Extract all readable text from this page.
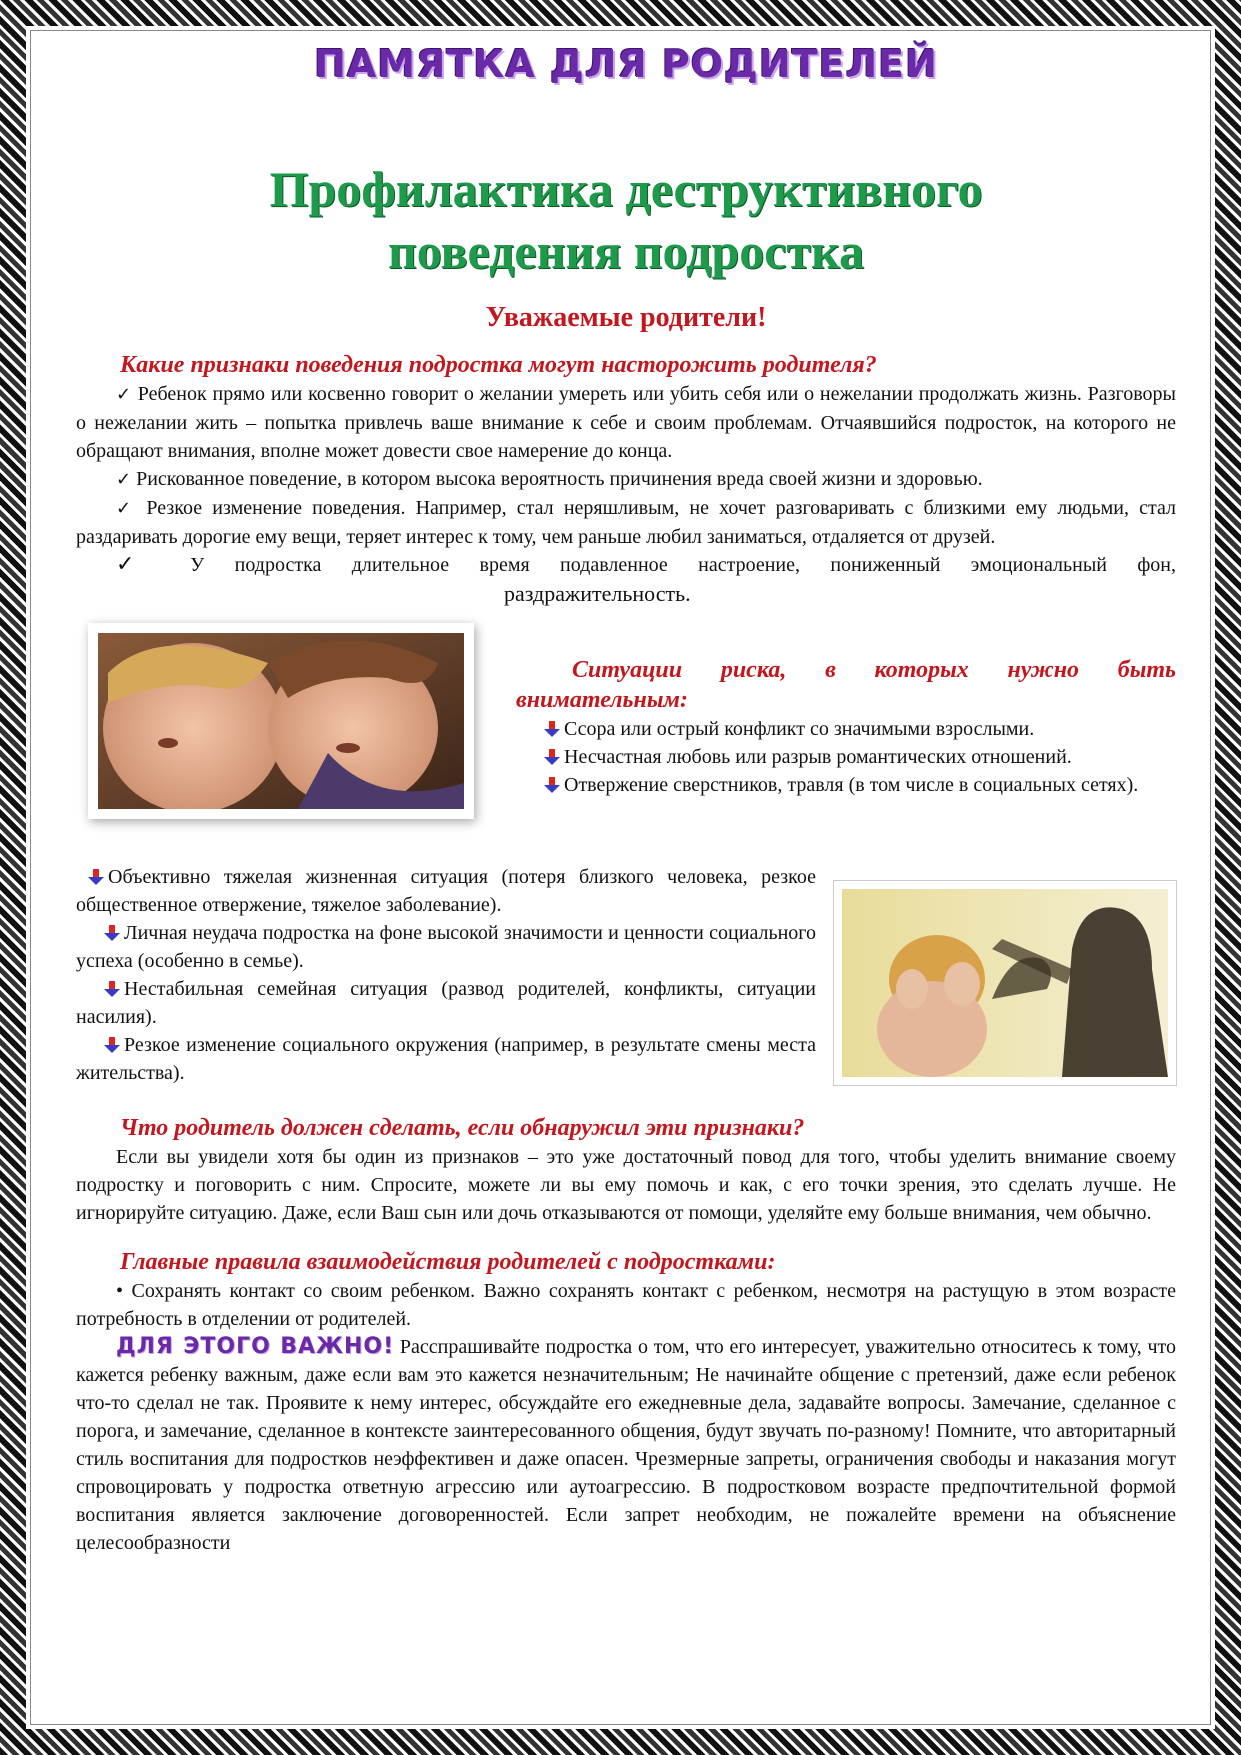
ПАМЯТКА ДЛЯ РОДИТЕЛЕЙ
Профилактика деструктивного
поведения подростка
Уважаемые родители!
Какие признаки поведения подростка могут насторожить родителя?

✓ Ребенок прямо или косвенно говорит о желании умереть или убить себя или о нежелании продолжать жизнь. Разговоры о нежелании жить – попытка привлечь ваше внимание к себе и своим проблемам. Отчаявшийся подросток, на которого не обращают внимания, вполне может довести свое намерение до конца.

✓ Рискованное поведение, в котором высока вероятность причинения вреда своей жизни и здоровью.

✓ Резкое изменение поведения. Например, стал неряшливым, не хочет разговаривать с близкими ему людьми, стал раздаривать дорогие ему вещи, теряет интерес к тому, чем раньше любил заниматься, отдаляется от друзей.

✓ У подростка длительное время подавленное настроение, пониженный эмоциональный фон,

раздражительность.

Ситуации риска, в которых нужно быть
внимательным:

Ссора или острый конфликт со значимыми взрослыми.

Несчастная любовь или разрыв романтических отношений.

Отвержение сверстников, травля (в том числе в социальных сетях).

Объективно тяжелая жизненная ситуация (потеря близкого человека, резкое общественное отвержение, тяжелое заболевание).

Личная неудача подростка на фоне высокой значимости и ценности социального успеха (особенно в семье).

Нестабильная семейная ситуация (развод родителей, конфликты, ситуации насилия).

Резкое изменение социального окружения (например, в результате смены места жительства).

Что родитель должен сделать, если обнаружил эти признаки?

Если вы увидели хотя бы один из признаков – это уже достаточный повод для того, чтобы уделить внимание своему подростку и поговорить с ним. Спросите, можете ли вы ему помочь и как, с его точки зрения, это сделать лучше. Не игнорируйте ситуацию. Даже, если Ваш сын или дочь отказываются от помощи, уделяйте ему больше внимания, чем обычно.

Главные правила взаимодействия родителей с подростками:

• Сохранять контакт со своим ребенком. Важно сохранять контакт с ребенком, несмотря на растущую в этом возрасте потребность в отделении от родителей.

ДЛЯ ЭТОГО ВАЖНО! Расспрашивайте подростка о том, что его интересует, уважительно относитесь к тому, что кажется ребенку важным, даже если вам это кажется незначительным; Не начинайте общение с претензий, даже если ребенок что-то сделал не так. Проявите к нему интерес, обсуждайте его ежедневные дела, задавайте вопросы. Замечание, сделанное с порога, и замечание, сделанное в контексте заинтересованного общения, будут звучать по-разному! Помните, что авторитарный стиль воспитания для подростков неэффективен и даже опасен. Чрезмерные запреты, ограничения свободы и наказания могут спровоцировать у подростка ответную агрессию или аутоагрессию. В подростковом возрасте предпочтительной формой воспитания является заключение договоренностей. Если запрет необходим, не пожалейте времени на объяснение целесообразности
